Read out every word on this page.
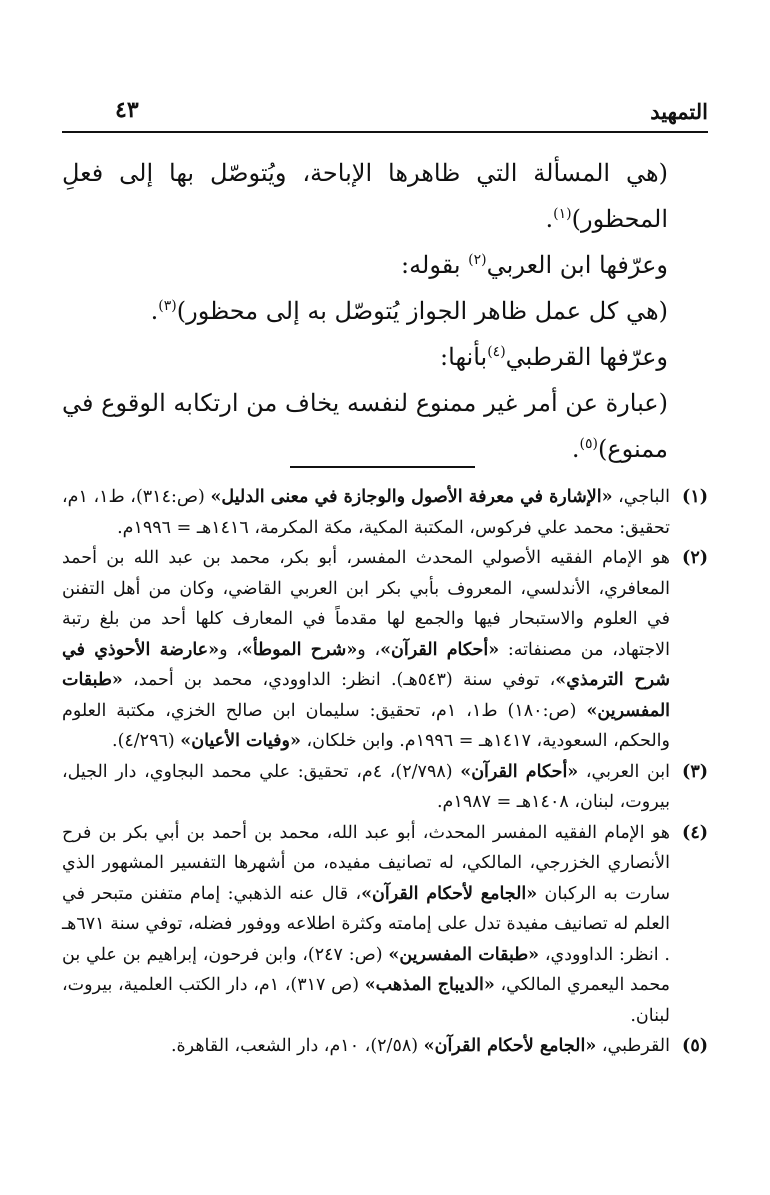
التمهيد
٤٣

(هي المسألة التي ظاهرها الإباحة، ويُتوصّل بها إلى فعلِ المحظور)$^{(١)}$.

وعرّفها ابن العربي$^{(٢)}$ بقوله:

(هي كل عمل ظاهر الجواز يُتوصّل به إلى محظور)$^{(٣)}$.

وعرّفها القرطبي$^{(٤)}$بأنها:

(عبارة عن أمر غير ممنوع لنفسه يخاف من ارتكابه الوقوع في ممنوع)$^{(٥)}$.

(١)
الباجي، «الإشارة في معرفة الأصول والوجازة في معنى الدليل» (ص:٣١٤)، ط١، ١م، تحقيق: محمد علي فركوس، المكتبة المكية، مكة المكرمة، ١٤١٦هـ = ١٩٩٦م.
(٢)
هو الإمام الفقيه الأصولي المحدث المفسر، أبو بكر، محمد بن عبد الله بن أحمد المعافري، الأندلسي، المعروف بأبي بكر ابن العربي القاضي، وكان من أهل التفنن في العلوم والاستبحار فيها والجمع لها مقدماً في المعارف كلها أحد من بلغ رتبة الاجتهاد، من مصنفاته: «أحكام القرآن»، و«شرح الموطأ»، و«عارضة الأحوذي في شرح الترمذي»، توفي سنة (٥٤٣هـ). انظر: الداوودي، محمد بن أحمد، «طبقات المفسرين» (ص:١٨٠) ط١، ١م، تحقيق: سليمان ابن صالح الخزي، مكتبة العلوم والحكم، السعودية، ١٤١٧هـ = ١٩٩٦م. وابن خلكان، «وفيات الأعيان» (٤/٢٩٦).
(٣)
ابن العربي، «أحكام القرآن» (٢/٧٩٨)، ٤م، تحقيق: علي محمد البجاوي، دار الجيل، بيروت، لبنان، ١٤٠٨هـ = ١٩٨٧م.
(٤)
هو الإمام الفقيه المفسر المحدث، أبو عبد الله، محمد بن أحمد بن أبي بكر بن فرح الأنصاري الخزرجي، المالكي، له تصانيف مفيده، من أشهرها التفسير المشهور الذي سارت به الركبان «الجامع لأحكام القرآن»، قال عنه الذهبي: إمام متفنن متبحر في العلم له تصانيف مفيدة تدل على إمامته وكثرة اطلاعه ووفور فضله، توفي سنة ٦٧١هـ . انظر: الداوودي، «طبقات المفسرين» (ص: ٢٤٧)، وابن فرحون، إبراهيم بن علي بن محمد اليعمري المالكي، «الديباج المذهب» (ص ٣١٧)، ١م، دار الكتب العلمية، بيروت، لبنان.
(٥)
القرطبي، «الجامع لأحكام القرآن» (٢/٥٨)، ١٠م، دار الشعب، القاهرة.
